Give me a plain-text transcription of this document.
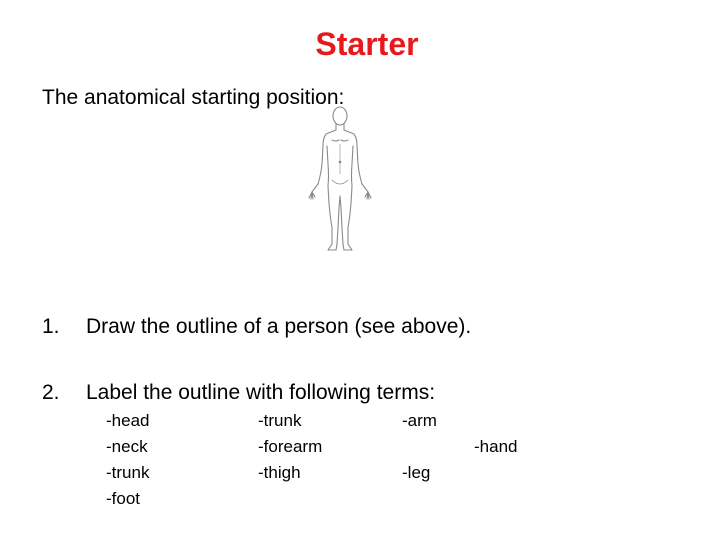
Starter
The anatomical starting position:
1. Draw the outline of a person (see above).
2. Label the outline with following terms:
-head
-neck
-trunk
-foot
-trunk
-forearm
-thigh
-arm
-leg
-hand
